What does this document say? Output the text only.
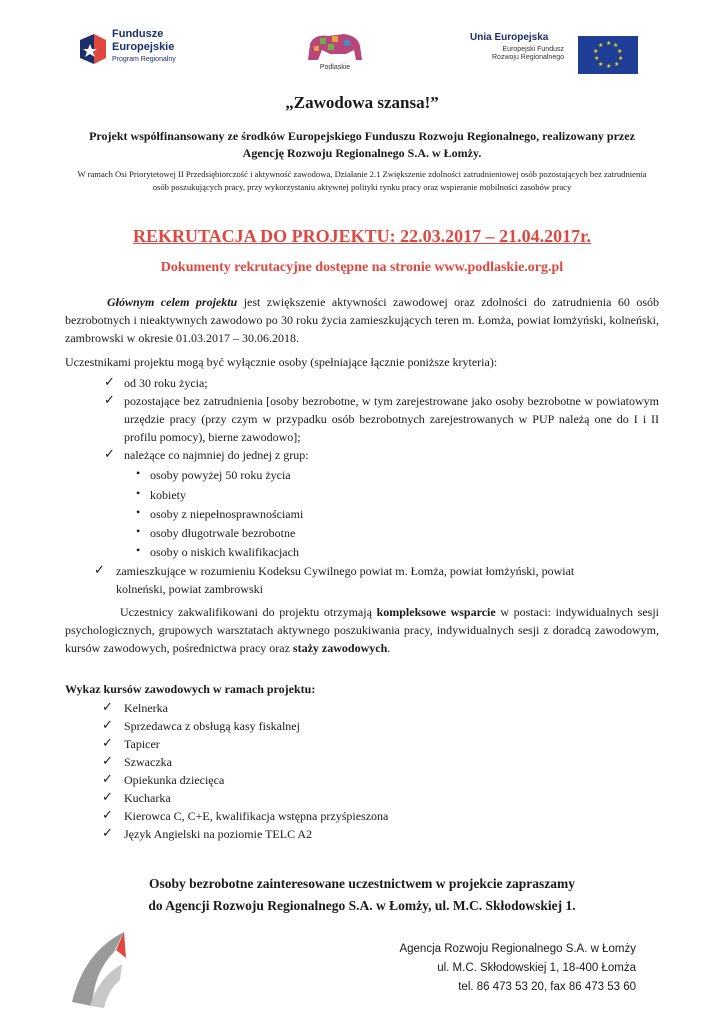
Fundusze
Europejskie
Program Regionalny
Podlaskie
Unia Europejska
Europejski Fundusz Rozwoju Regionalnego
★ ★
★
★
★
★
★
★
★
★
„Zawodowa szansa!”
Projekt współfinansowany ze środków Europejskiego Funduszu Rozwoju Regionalnego, realizowany przez Agencję Rozwoju Regionalnego S.A. w Łomży.
W ramach Osi Priorytetowej II Przedsiębiorczość i aktywność zawodowa, Działanie 2.1 Zwiększenie zdolności zatrudnieniowej osób pozostających bez zatrudnienia osób poszukujących pracy, przy wykorzystaniu aktywnej polityki rynku pracy oraz wspieranie mobilności zasobów pracy
REKRUTACJA DO PROJEKTU: 22.03.2017 – 21.04.2017r.
Dokumenty rekrutacyjne dostępne na stronie www.podlaskie.org.pl
Głównym celem projektu jest zwiększenie aktywności zawodowej oraz zdolności do zatrudnienia 60 osób bezrobotnych i nieaktywnych zawodowo po 30 roku życia zamieszkujących teren m. Łomża, powiat łomżyński, kolneński, zambrowski w okresie 01.03.2017 – 30.06.2018.
Uczestnikami projektu mogą być wyłącznie osoby (spełniające łącznie poniższe kryteria):
✓ od 30 roku życia;
✓ pozostające bez zatrudnienia [osoby bezrobotne, w tym zarejestrowane jako osoby bezrobotne w powiatowym urzędzie pracy (przy czym w przypadku osób bezrobotnych zarejestrowanych w PUP należą one do I i II profilu pomocy), bierne zawodowo];
✓ należące co najmniej do jednej z grup:
• osoby powyżej 50 roku życia
• kobiety
• osoby z niepełnosprawnościami
• osoby długotrwale bezrobotne
• osoby o niskich kwalifikacjach
✓ zamieszkujące w rozumieniu Kodeksu Cywilnego powiat m. Łomża, powiat łomżyński, powiat kolneński, powiat zambrowski
Uczestnicy zakwalifikowani do projektu otrzymają kompleksowe wsparcie w postaci: indywidualnych sesji psychologicznych, grupowych warsztatach aktywnego poszukiwania pracy, indywidualnych sesji z doradcą zawodowym, kursów zawodowych, pośrednictwa pracy oraz staży zawodowych.
Wykaz kursów zawodowych w ramach projektu:
✓ Kelnerka
✓ Sprzedawca z obsługą kasy fiskalnej
✓ Tapicer
✓ Szwaczka
✓ Opiekunka dziecięca
✓ Kucharka
✓ Kierowca C, C+E, kwalifikacja wstępna przyśpieszona
✓ Język Angielski na poziomie TELC A2
Osoby bezrobotne zainteresowane uczestnictwem w projekcie zapraszamy
do Agencji Rozwoju Regionalnego S.A. w Łomży, ul. M.C. Skłodowskiej 1.
Agencja Rozwoju Regionalnego S.A. w Łomży
ul. M.C. Skłodowskiej 1, 18-400 Łomża
tel. 86 473 53 20, fax 86 473 53 60
